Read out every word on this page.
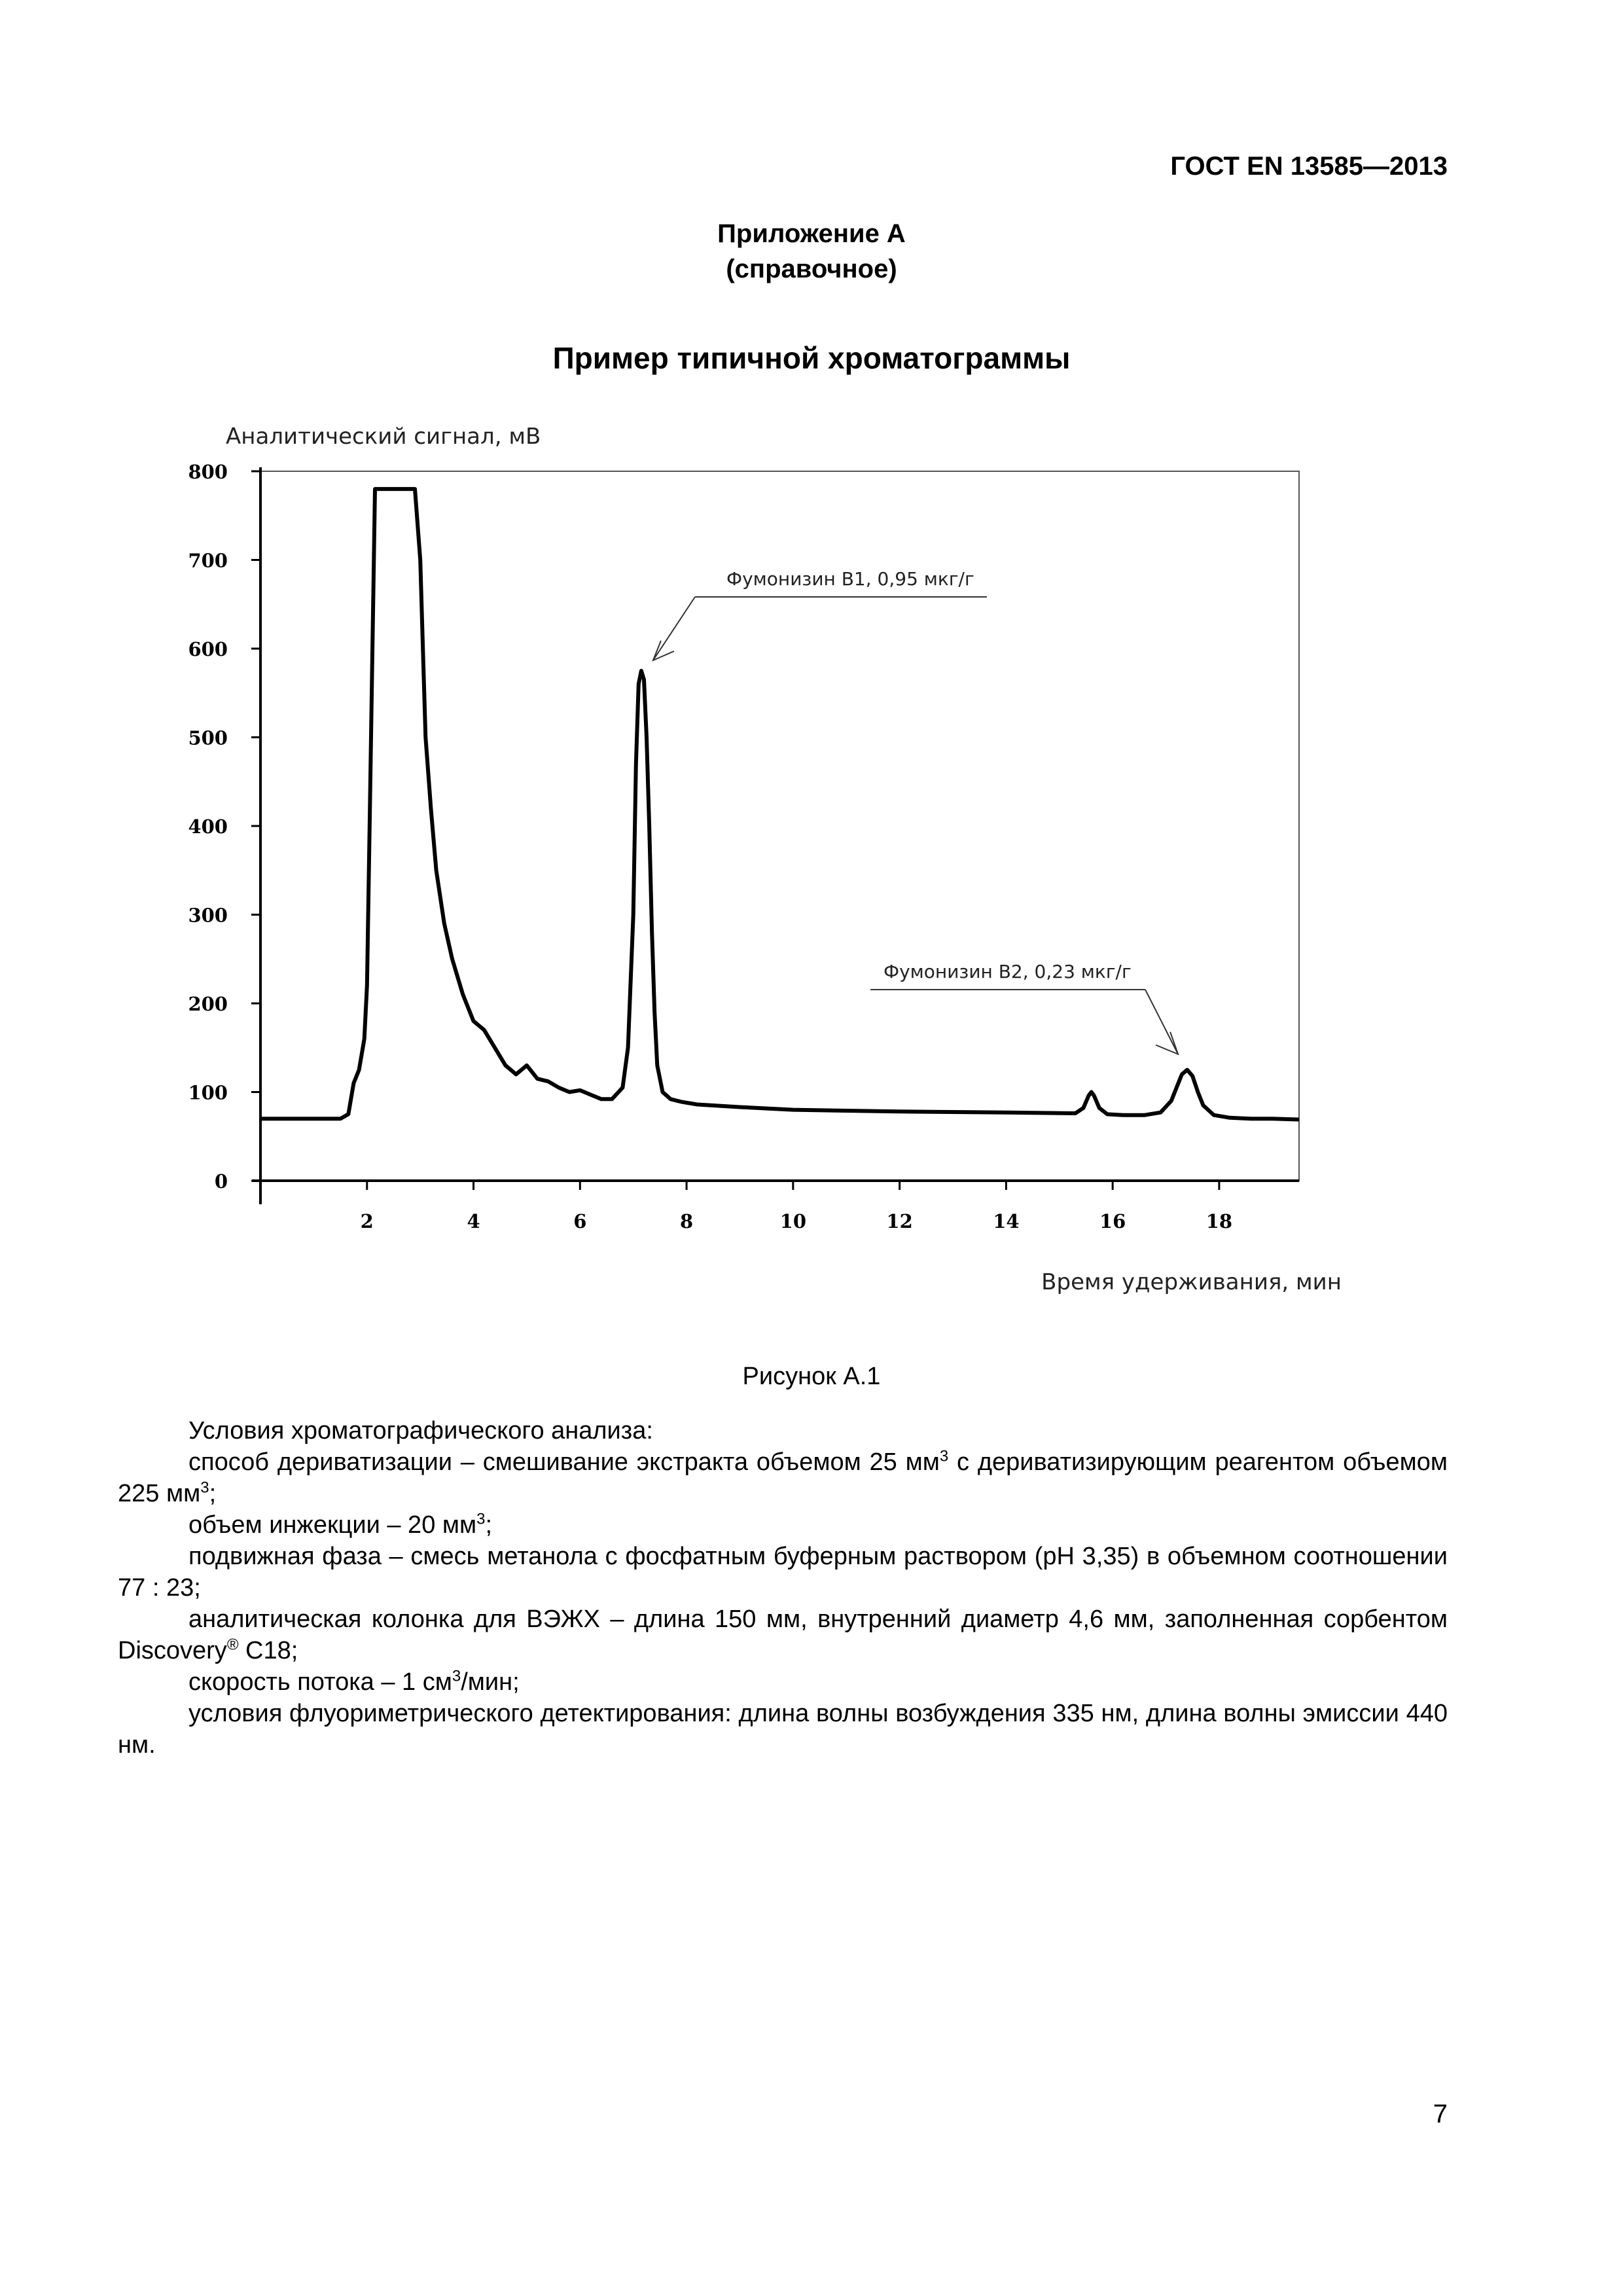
ГОСТ EN 13585—2013
Приложение А
(справочное)
Пример типичной хроматограммы
0
100
200
300
400
500
600
700
800
2	4	6	8	10	12	14	16	18
Фумонизин B1, 0,95 мкг/г
Фумонизин B2, 0,23 мкг/г
Аналитический сигнал, мВ
Время удерживания, мин
Рисунок А.1

Условия хроматографического анализа:

способ дериватизации – смешивание экстракта объемом 25 $мм^3$ с дериватизирующим реагентом объемом 225 $мм^3$;

объем инжекции – 20 $мм^3$;

подвижная фаза – смесь метанола с фосфатным буферным раствором (pH 3,35) в объемном соотношении 77 : 23;

аналитическая колонка для ВЭЖХ – длина 150 мм, внутренний диаметр 4,6 мм, заполненная сорбентом Discovery® C18;

скорость потока – 1 $см^3$/мин;

условия флуориметрического детектирования: длина волны возбуждения 335 нм, длина волны эмиссии 440 нм.

7
